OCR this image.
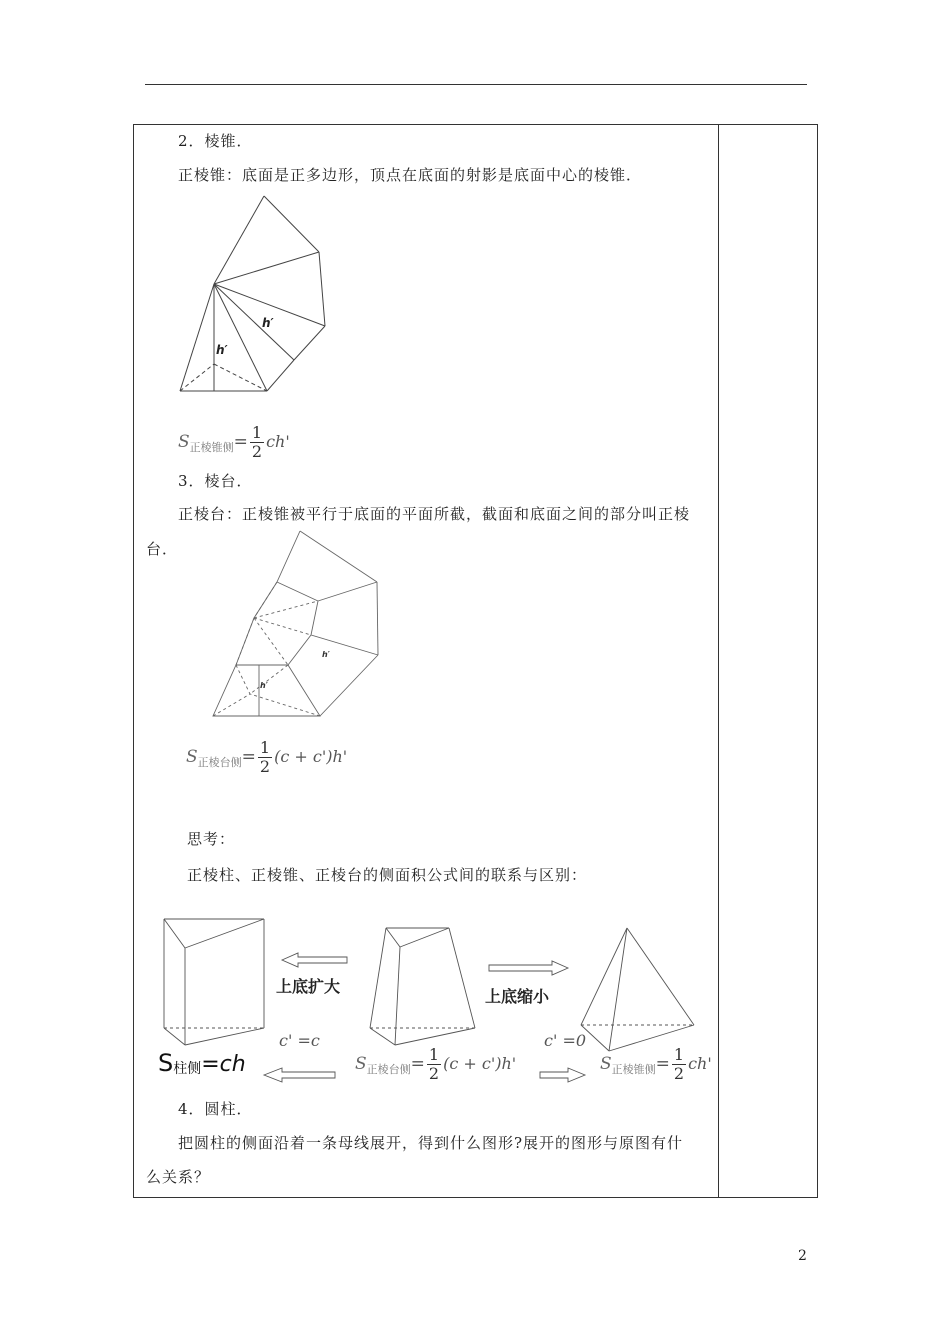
2．棱锥．
正棱锥：底面是正多边形，顶点在底面的射影是底面中心的棱锥．
h′
h′
$S_{正棱锥侧}= \frac{1}{2} ch'$
3．棱台．
正棱台：正棱锥被平行于底面的平面所截，截面和底面之间的部分叫正棱
台．
h′
h′
$S_{正棱台侧}= \frac{1}{2} (c + c')h'$
思考：
正棱柱、正棱锥、正棱台的侧面积公式间的联系与区别：
上底扩大
上底缩小
c' =c	c' =0
S柱侧=ch	$S_{正棱台侧}= \frac{1}{2} (c + c')h'$	$S_{正棱锥侧}= \frac{1}{2} ch'$
4．圆柱．
把圆柱的侧面沿着一条母线展开，得到什么图形?展开的图形与原图有什
么关系？
2
